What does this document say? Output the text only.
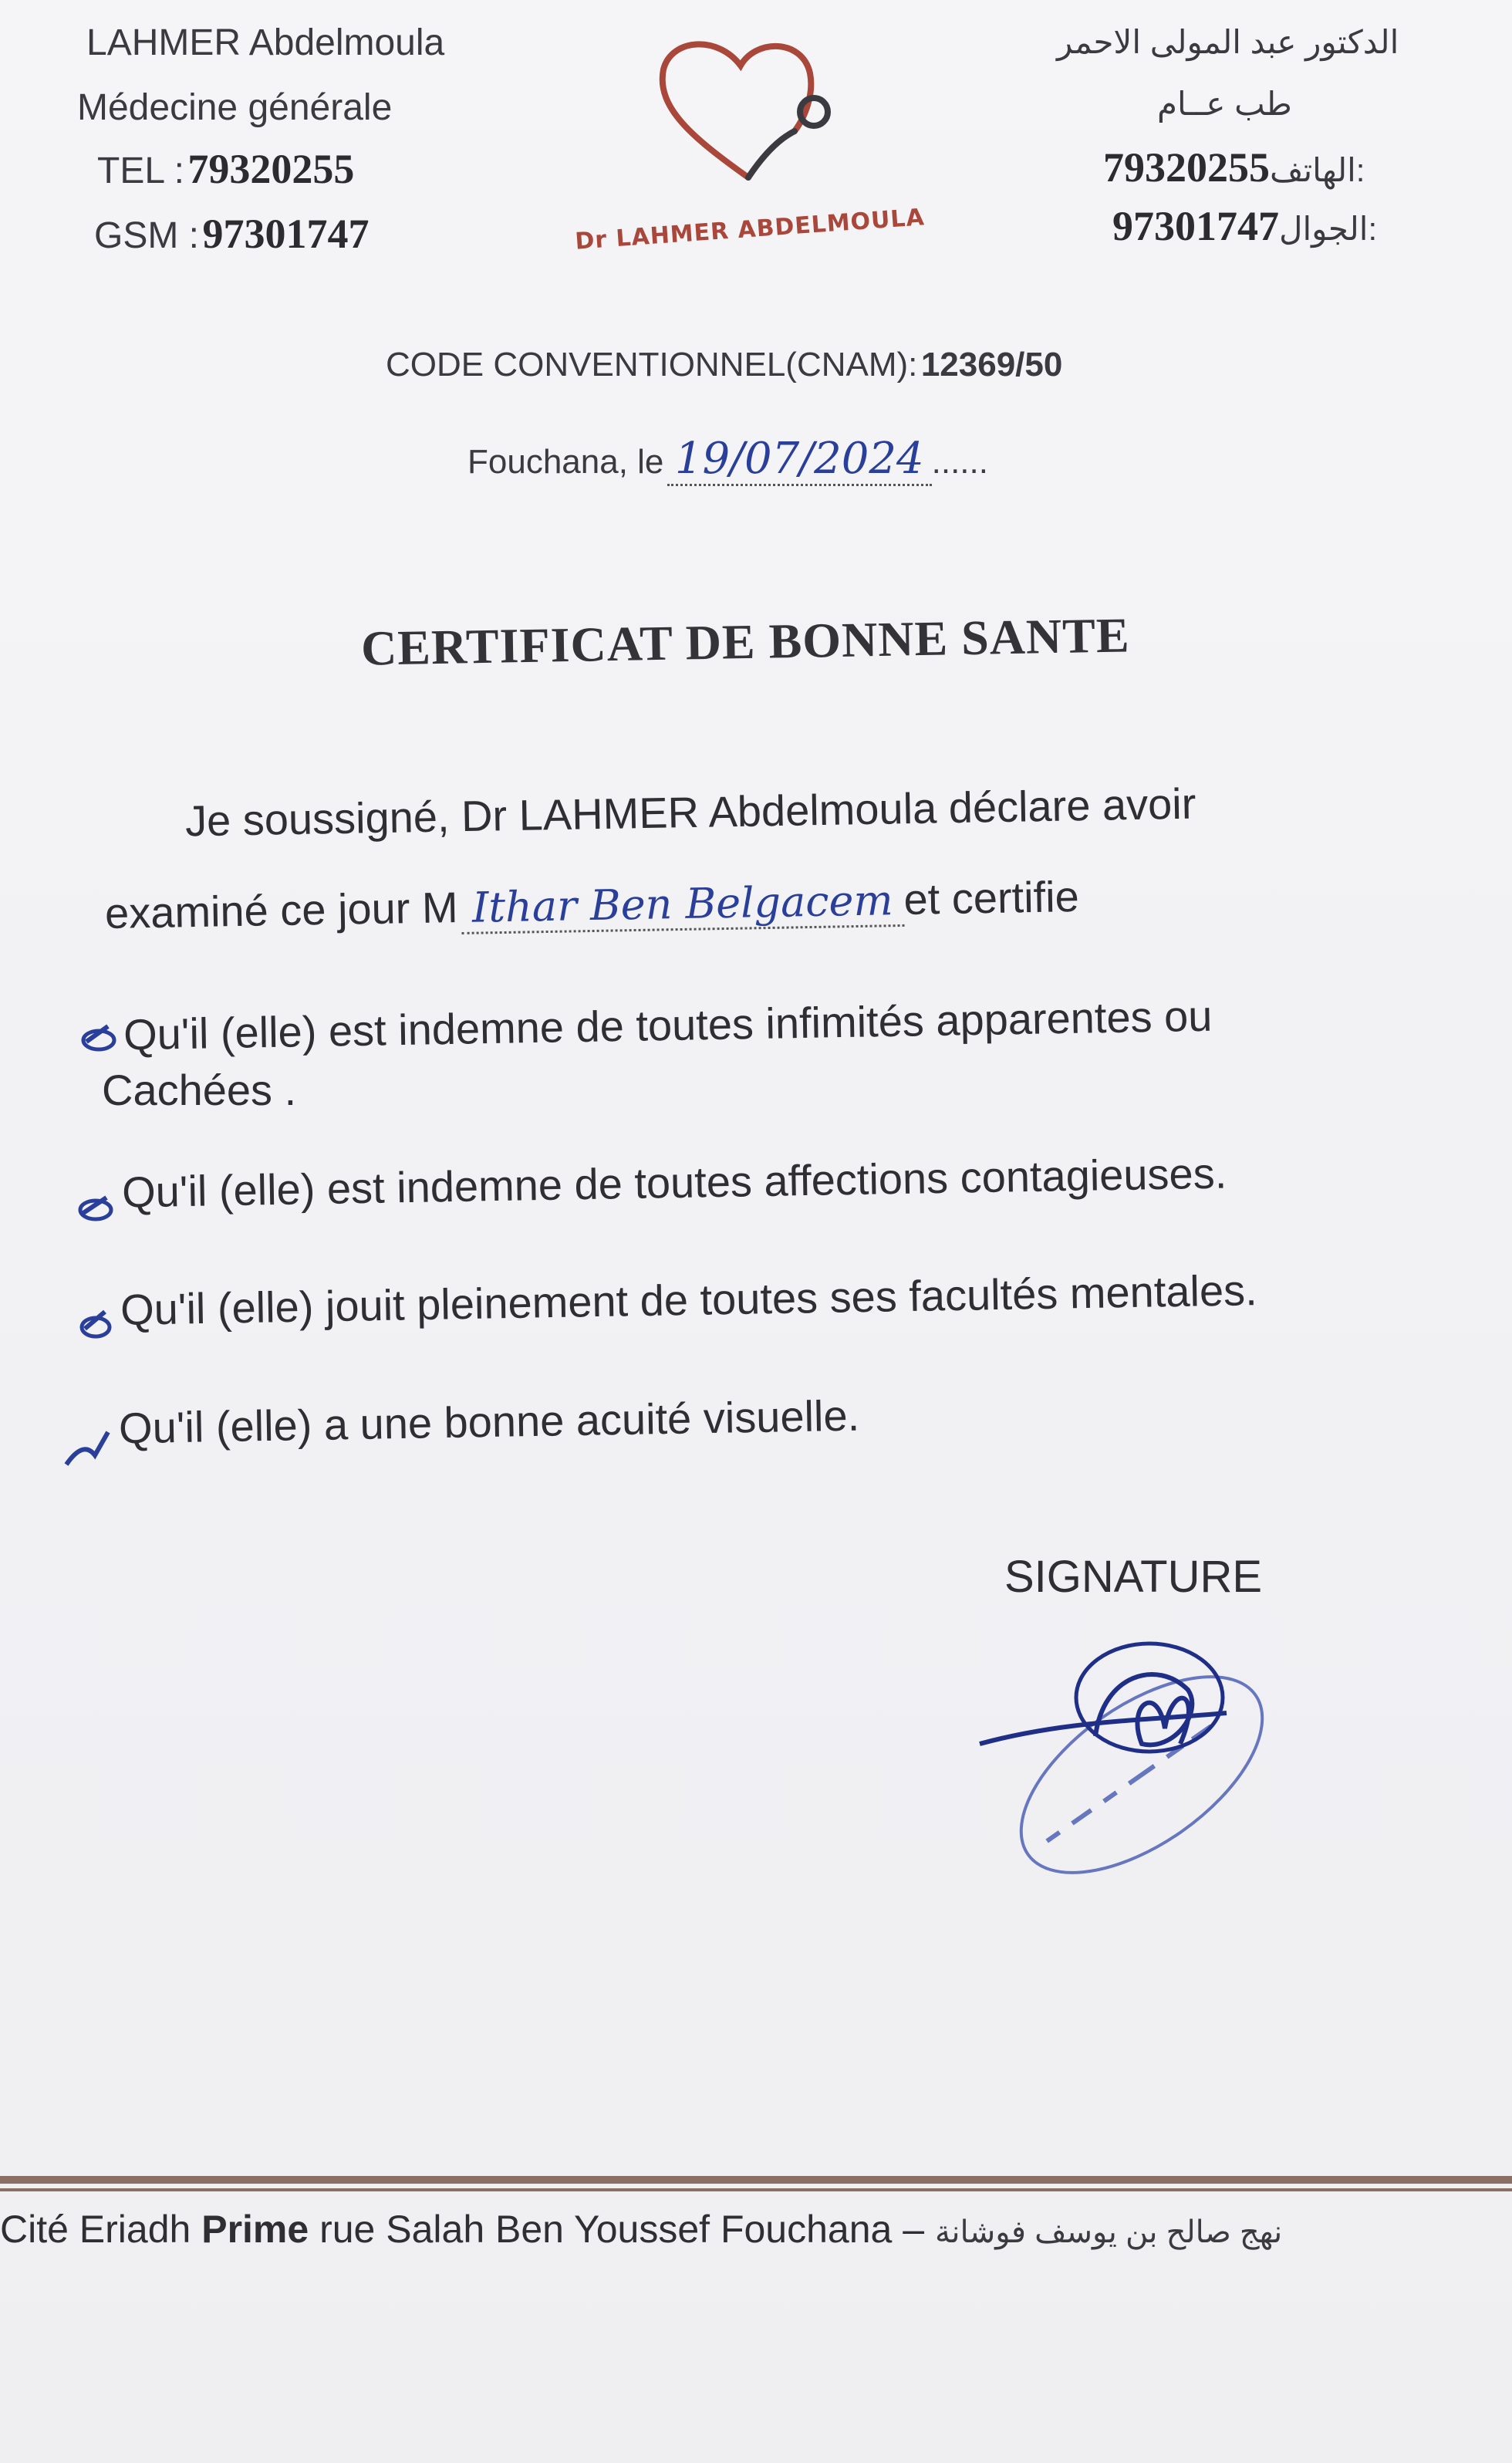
LAHMER Abdelmoula
Médecine générale
TEL : 79320255
GSM : 97301747	Dr LAHMER ABDELMOULA
الدكتور عبد المولى الاحمر
طب عــام
79320255الهاتف:
97301747الجوال:
CODE CONVENTIONNEL(CNAM): 12369/50
Fouchana, le 19/07/2024 ......
CERTIFICAT DE BONNE SANTE
Je soussigné, Dr LAHMER Abdelmoula déclare avoir
examiné ce jour M Ithar Ben Belgacem et certifie
Qu'il (elle) est indemne de toutes infimités apparentes ou
Cachées .
Qu'il (elle) est indemne de toutes affections contagieuses.
Qu'il (elle) jouit pleinement de toutes ses facultés mentales.
Qu'il (elle) a une bonne acuité visuelle.
SIGNATURE
Cité Eriadh Prime rue Salah Ben Youssef Fouchana – نهج صالح بن يوسف فوشانة
